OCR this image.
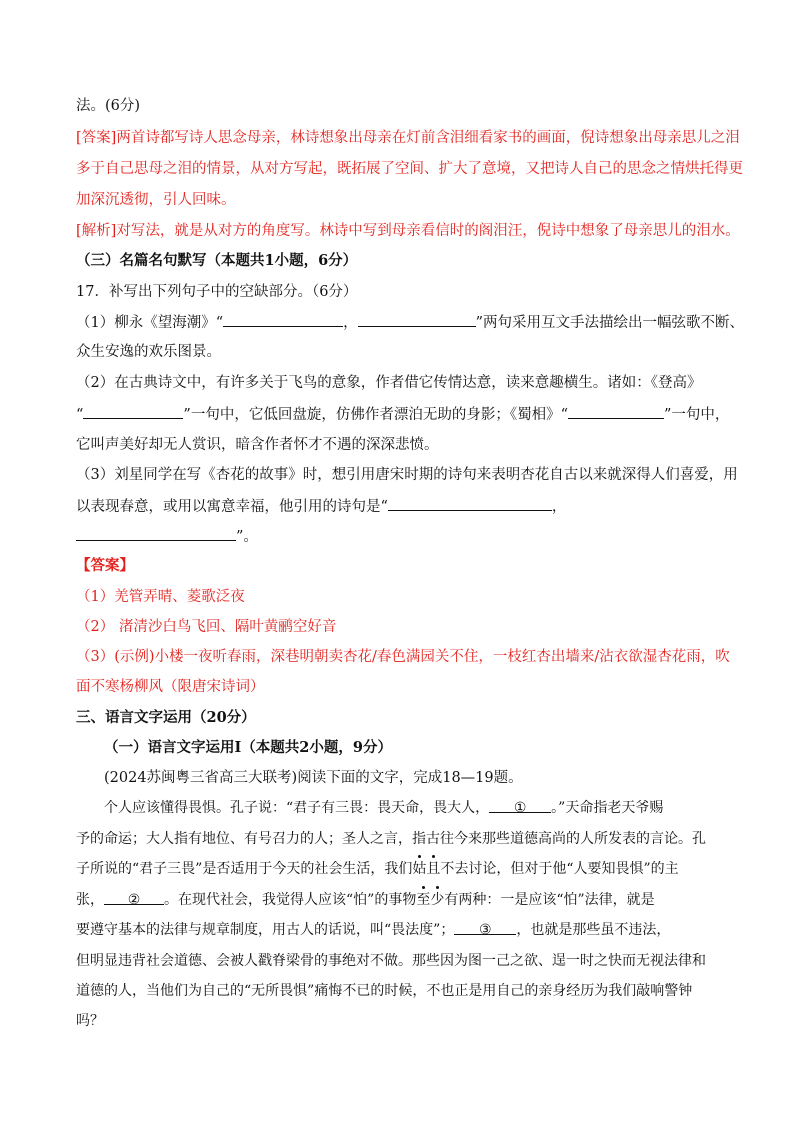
法。(6分)
[答案]两首诗都写诗人思念母亲，林诗想象出母亲在灯前含泪细看家书的画面，倪诗想象出母亲思儿之泪
多于自己思母之泪的情景，从对方写起，既拓展了空间、扩大了意境，又把诗人自己的思念之情烘托得更
加深沉透彻，引人回味。
[解析]对写法，就是从对方的角度写。林诗中写到母亲看信时的阁泪汪，倪诗中想象了母亲思儿的泪水。
（三）名篇名句默写（本题共1小题，6分）
17．补写出下列句子中的空缺部分。（6分）
（1）柳永《望海潮》“	，	”两句采用互文手法描绘出一幅弦歌不断、
众生安逸的欢乐图景。
（2）在古典诗文中，有许多关于飞鸟的意象，作者借它传情达意，读来意趣横生。诸如：《登高》
“	”一句中，它低回盘旋，仿佛作者漂泊无助的身影；《蜀相》“	”一句中，
它叫声美好却无人赏识，暗含作者怀才不遇的深深悲愤。
（3）刘星同学在写《杏花的故事》时，想引用唐宋时期的诗句来表明杏花自古以来就深得人们喜爱，用
以表现春意，或用以寓意幸福，他引用的诗句是“	，
”。
【答案】
（1）羌管弄晴、菱歌泛夜
（2） 渚清沙白鸟飞回、隔叶黄鹂空好音
（3）(示例)小楼一夜听春雨，深巷明朝卖杏花/春色满园关不住，一枝红杏出墙来/沾衣欲湿杏花雨，吹
面不寒杨柳风（限唐宋诗词）
三、语言文字运用（20分）
（一）语言文字运用Ⅰ（本题共2小题，9分）
(2024苏闽粤三省高三大联考)阅读下面的文字，完成18—19题。
个人应该懂得畏惧。孔子说：“君子有三畏：畏天命，畏大人， ① 。”天命指老天爷赐
予的命运；大人指有地位、有号召力的人；圣人之言，指古往今来那些道德高尚的人所发表的言论。孔
子所说的“君子三畏”是否适用于今天的社会生活，我们姑且不去讨论，但对于他“人要知畏惧”的主
张， ② 。在现代社会，我觉得人应该“怕”的事物至少有两种：一是应该“怕”法律，就是
要遵守基本的法律与规章制度，用古人的话说，叫“畏法度”； ③ ，也就是那些虽不违法，
但明显违背社会道德、会被人戳脊梁骨的事绝对不做。那些因为图一己之欲、逞一时之快而无视法律和
道德的人，当他们为自己的“无所畏惧”痛悔不已的时候，不也正是用自己的亲身经历为我们敲响警钟
吗？
